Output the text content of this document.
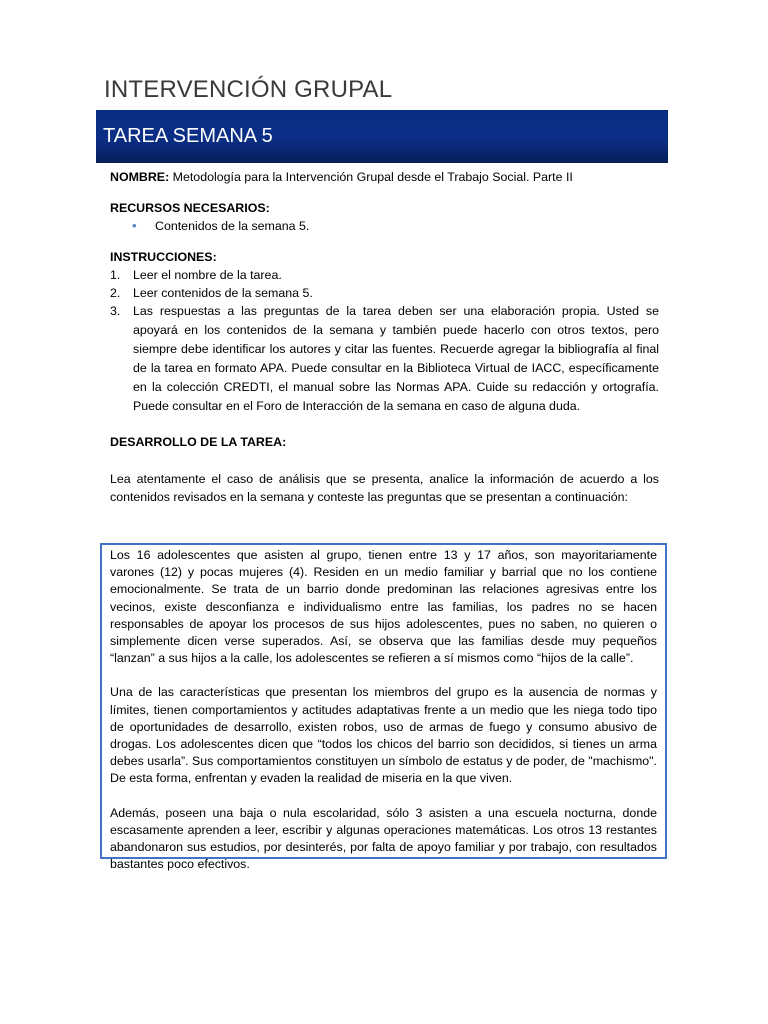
INTERVENCIÓN GRUPAL
TAREA SEMANA 5

NOMBRE: Metodología para la Intervención Grupal desde el Trabajo Social. Parte II

RECURSOS NECESARIOS:

• Contenidos de la semana 5.

INSTRUCCIONES:

1. Leer el nombre de la tarea.
2. Leer contenidos de la semana 5.
3. Las respuestas a las preguntas de la tarea deben ser una elaboración propia. Usted se apoyará en los contenidos de la semana y también puede hacerlo con otros textos, pero siempre debe identificar los autores y citar las fuentes. Recuerde agregar la bibliografía al final de la tarea en formato APA. Puede consultar en la Biblioteca Virtual de IACC, específicamente en la colección CREDTI, el manual sobre las Normas APA. Cuide su redacción y ortografía. Puede consultar en el Foro de Interacción de la semana en caso de alguna duda.

DESARROLLO DE LA TAREA:

Lea atentamente el caso de análisis que se presenta, analice la información de acuerdo a los contenidos revisados en la semana y conteste las preguntas que se presentan a continuación:

Los 16 adolescentes que asisten al grupo, tienen entre 13 y 17 años, son mayoritariamente varones (12) y pocas mujeres (4). Residen en un medio familiar y barrial que no los contiene emocionalmente. Se trata de un barrio donde predominan las relaciones agresivas entre los vecinos, existe desconfianza e individualismo entre las familias, los padres no se hacen responsables de apoyar los procesos de sus hijos adolescentes, pues no saben, no quieren o simplemente dicen verse superados. Así, se observa que las familias desde muy pequeños “lanzan” a sus hijos a la calle, los adolescentes se refieren a sí mismos como “hijos de la calle”.

Una de las características que presentan los miembros del grupo es la ausencia de normas y límites, tienen comportamientos y actitudes adaptativas frente a un medio que les niega todo tipo de oportunidades de desarrollo, existen robos, uso de armas de fuego y consumo abusivo de drogas. Los adolescentes dicen que “todos los chicos del barrio son decididos, si tienes un arma debes usarla”. Sus comportamientos constituyen un símbolo de estatus y de poder, de "machismo". De esta forma, enfrentan y evaden la realidad de miseria en la que viven.

Además, poseen una baja o nula escolaridad, sólo 3 asisten a una escuela nocturna, donde escasamente aprenden a leer, escribir y algunas operaciones matemáticas. Los otros 13 restantes abandonaron sus estudios, por desinterés, por falta de apoyo familiar y por trabajo, con resultados bastantes poco efectivos.
